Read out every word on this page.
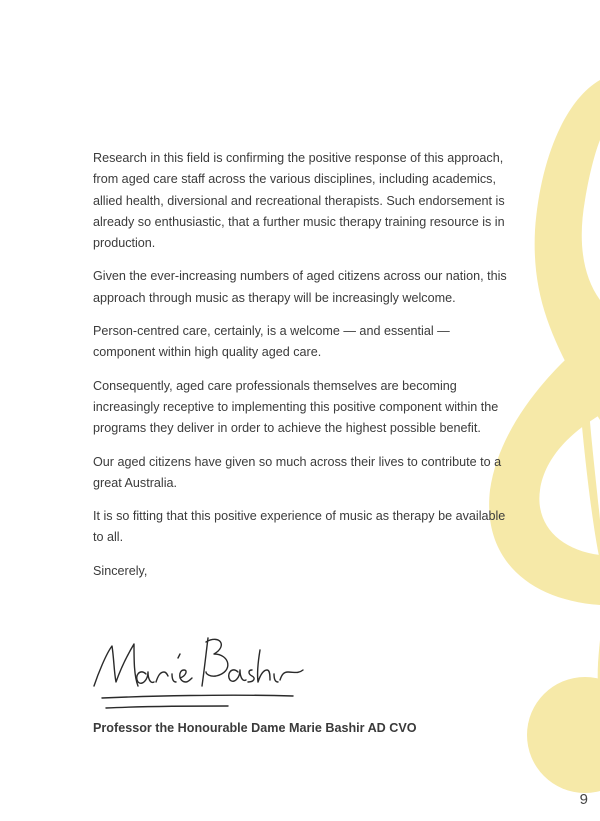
Research in this field is confirming the positive response of this approach, from aged care staff across the various disciplines, including academics, allied health, diversional and recreational therapists. Such endorsement is already so enthusiastic, that a further music therapy training resource is in production.

Given the ever-increasing numbers of aged citizens across our nation, this approach through music as therapy will be increasingly welcome.

Person-centred care, certainly, is a welcome — and essential — component within high quality aged care.

Consequently, aged care professionals themselves are becoming increasingly receptive to implementing this positive component within the programs they deliver in order to achieve the highest possible benefit.

Our aged citizens have given so much across their lives to contribute to a great Australia.

It is so fitting that this positive experience of music as therapy be available to all.

Sincerely,

Professor the Honourable Dame Marie Bashir AD CVO
9
